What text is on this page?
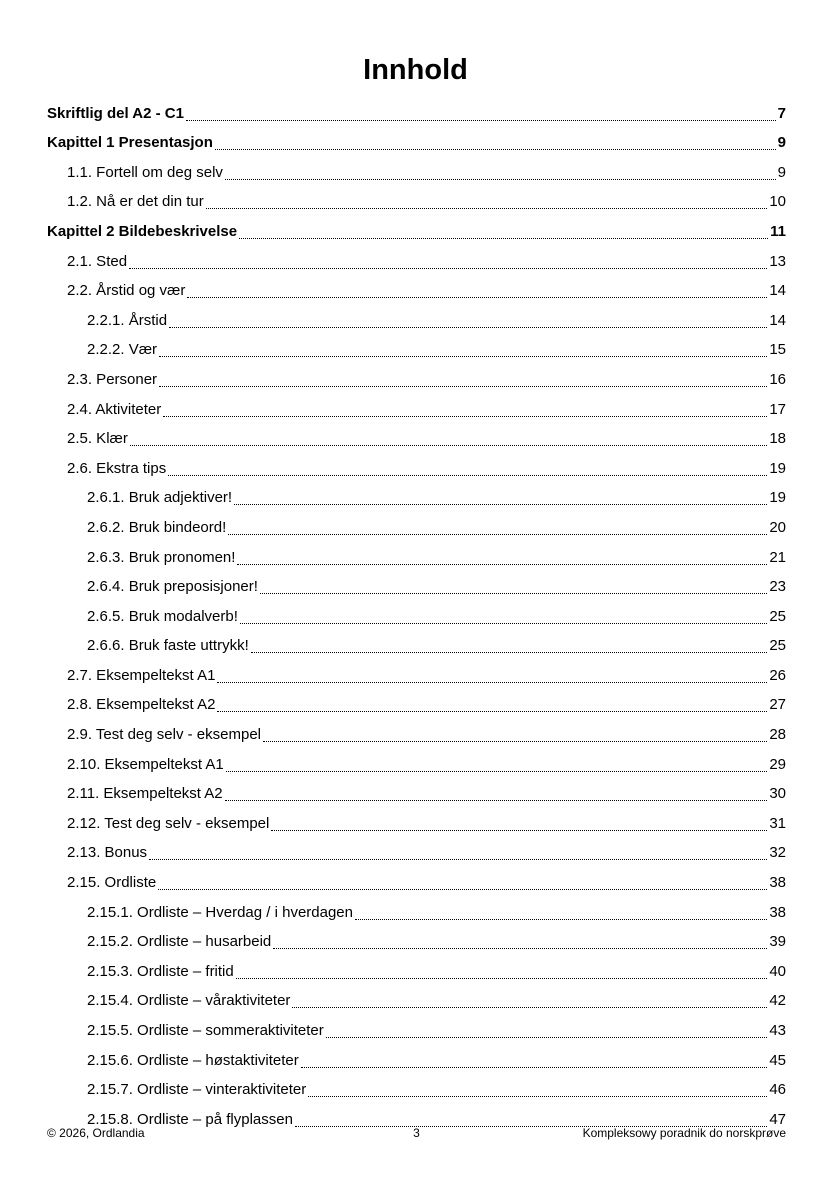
Innhold
Skriftlig del A2 - C1	7
Kapittel 1 Presentasjon	9
1.1. Fortell om deg selv	9
1.2. Nå er det din tur	10
Kapittel 2 Bildebeskrivelse	11
2.1. Sted	13
2.2. Årstid og vær	14
2.2.1. Årstid	14
2.2.2. Vær	15
2.3. Personer	16
2.4. Aktiviteter	17
2.5. Klær	18
2.6. Ekstra tips	19
2.6.1. Bruk adjektiver!	19
2.6.2. Bruk bindeord!	20
2.6.3. Bruk pronomen!	21
2.6.4. Bruk preposisjoner!	23
2.6.5. Bruk modalverb!	25
2.6.6. Bruk faste uttrykk!	25
2.7. Eksempeltekst A1	26
2.8. Eksempeltekst A2	27
2.9. Test deg selv - eksempel	28
2.10. Eksempeltekst A1	29
2.11. Eksempeltekst A2	30
2.12. Test deg selv - eksempel	31
2.13. Bonus	32
2.15. Ordliste	38
2.15.1. Ordliste – Hverdag / i hverdagen	38
2.15.2. Ordliste – husarbeid	39
2.15.3. Ordliste – fritid	40
2.15.4. Ordliste – våraktiviteter	42
2.15.5. Ordliste – sommeraktiviteter	43
2.15.6. Ordliste – høstaktiviteter	45
2.15.7. Ordliste – vinteraktiviteter	46
2.15.8. Ordliste – på flyplassen	47
© 2026, Ordlandia	3	Kompleksowy poradnik do norskprøve
